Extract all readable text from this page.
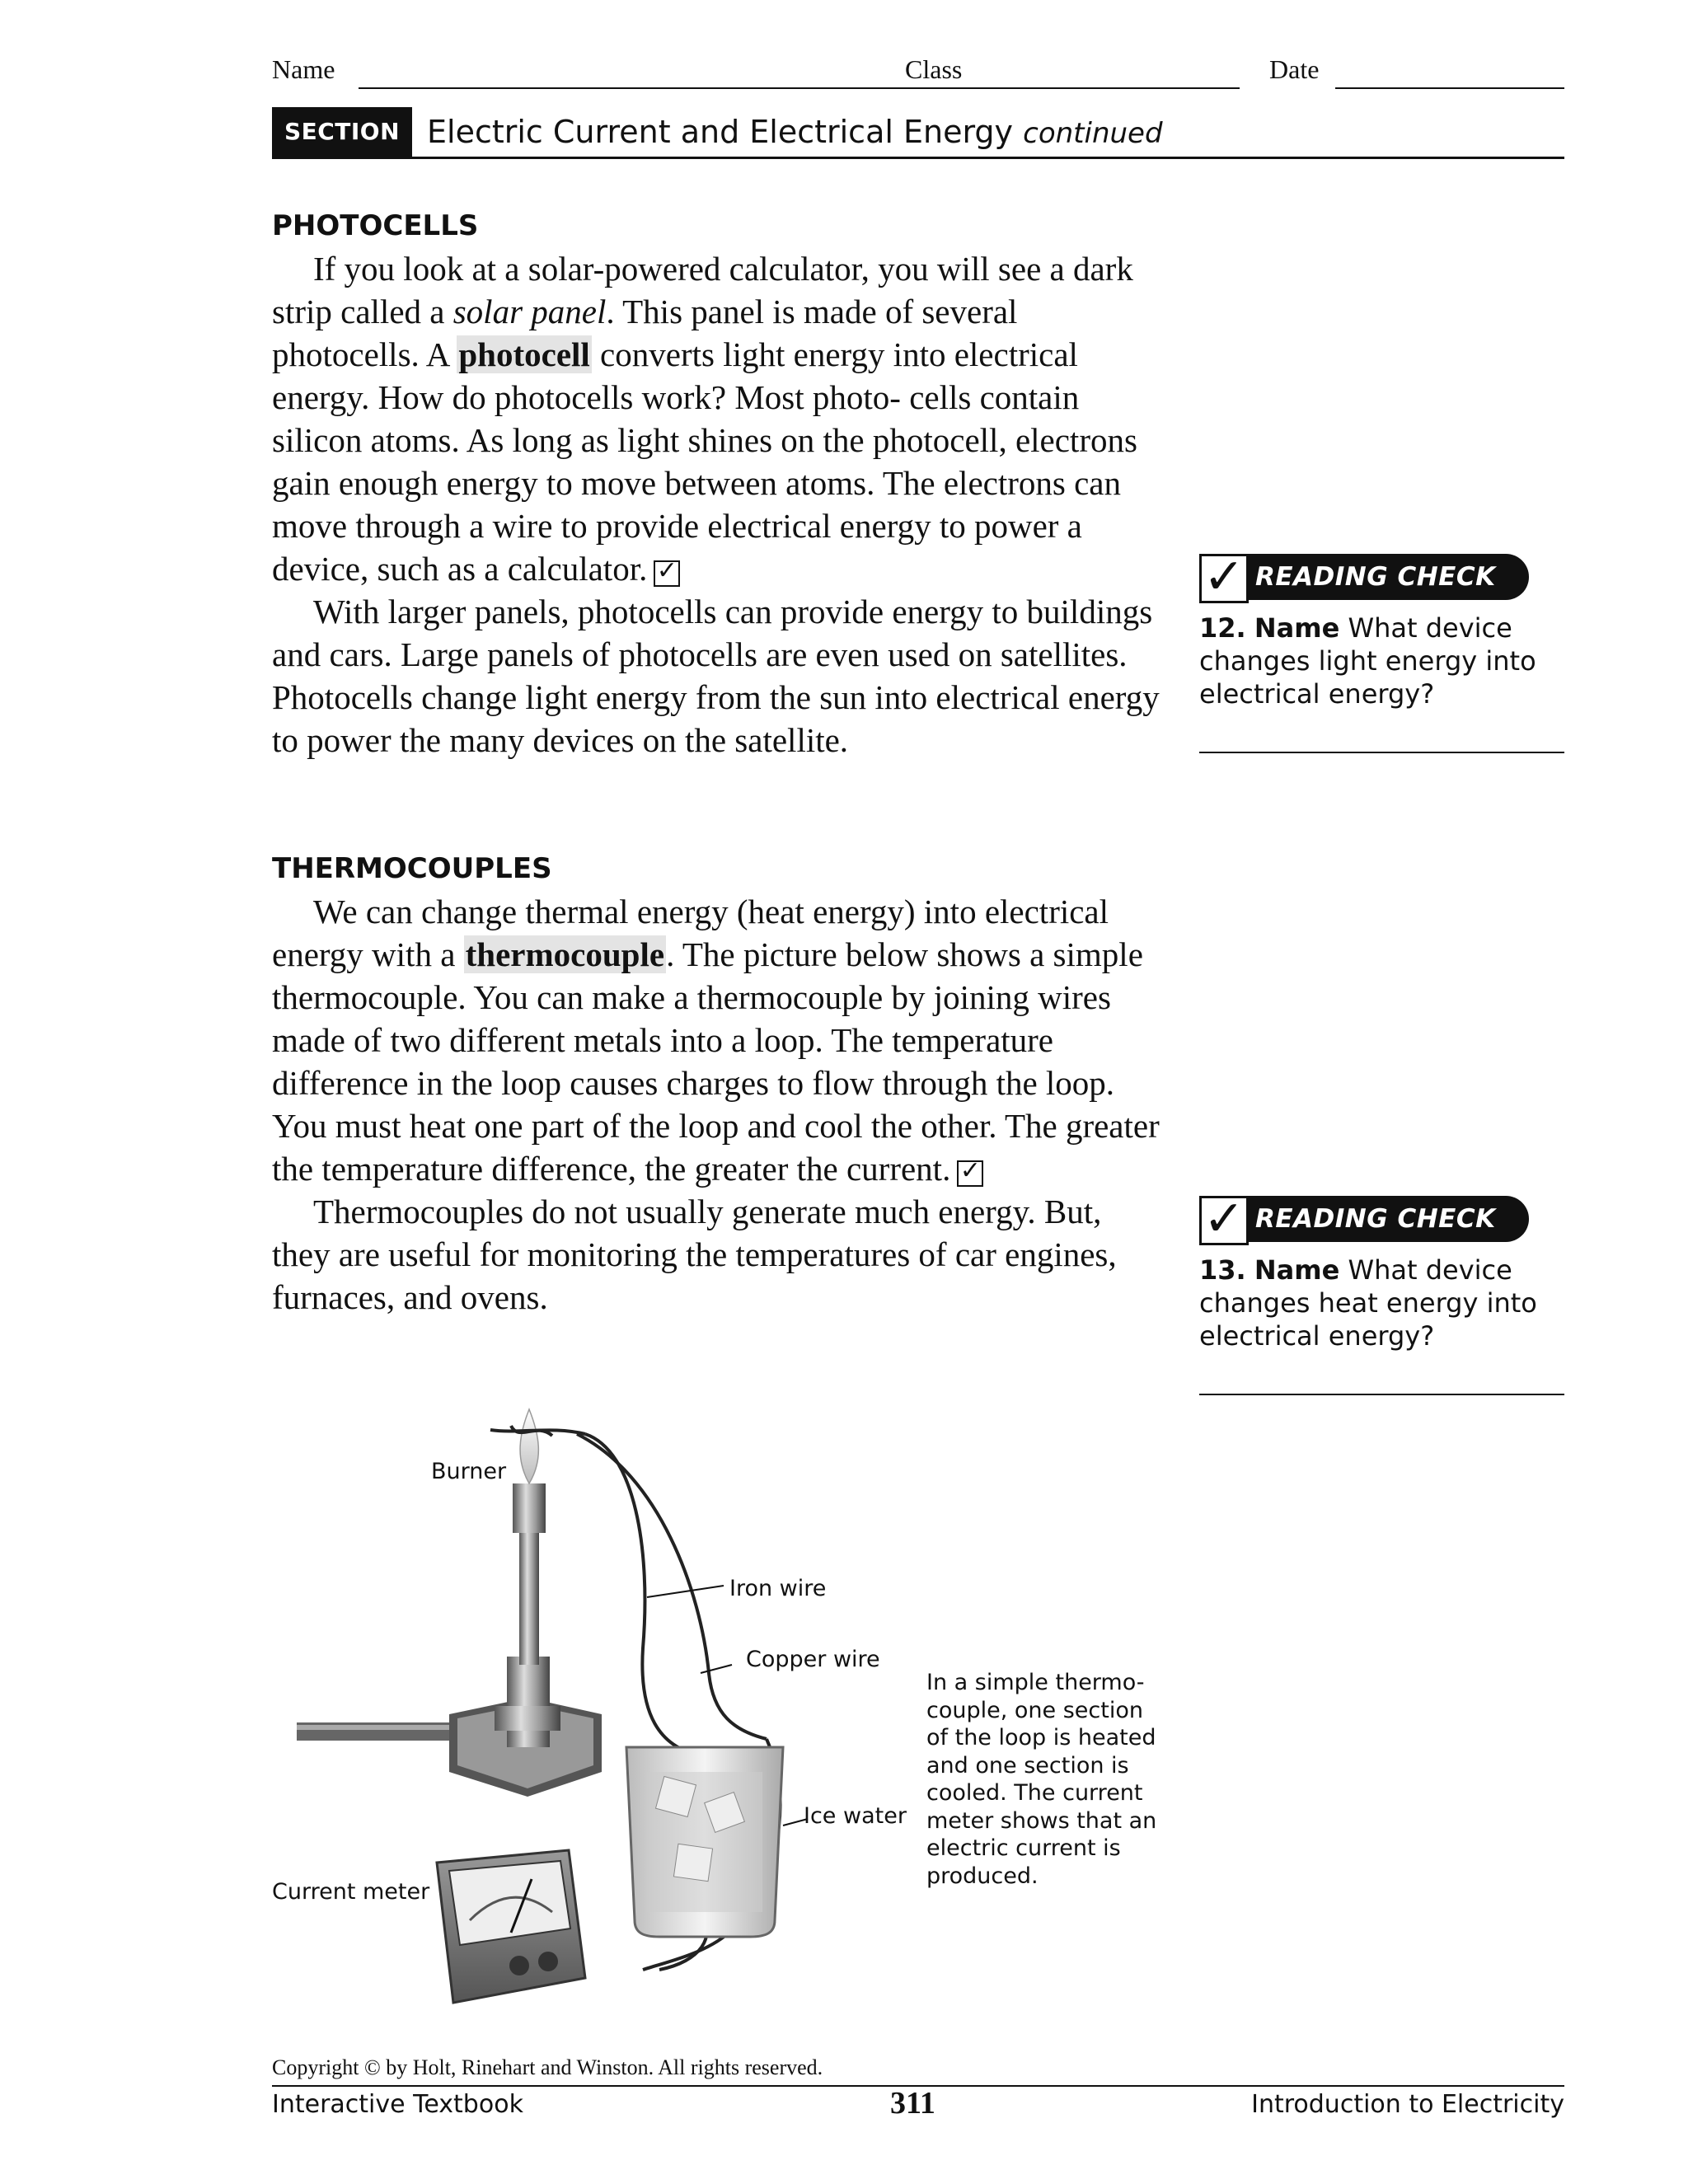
Name	Class	Date
SECTION 2
Electric Current and Electrical Energy continued
PHOTOCELLS

If you look at a solar-powered calculator, you will see a dark strip called a solar panel. This panel is made of several photocells. A photocell converts light energy into electrical energy. How do photocells work? Most photo- cells contain silicon atoms. As long as light shines on the photocell, electrons gain enough energy to move between atoms. The electrons can move through a wire to provide electrical energy to power a device, such as a calculator. ✓

With larger panels, photocells can provide energy to buildings and cars. Large panels of photocells are even used on satellites. Photocells change light energy from the sun into electrical energy to power the many devices on the satellite.

THERMOCOUPLES

We can change thermal energy (heat energy) into electrical energy with a thermocouple. The picture below shows a simple thermocouple. You can make a thermocouple by joining wires made of two different metals into a loop. The temperature difference in the loop causes charges to flow through the loop. You must heat one part of the loop and cool the other. The greater the temperature difference, the greater the current. ✓

Thermocouples do not usually generate much energy. But, they are useful for monitoring the temperatures of car engines, furnaces, and ovens.

✓ READING CHECK
12. Name What device changes light energy into electrical energy?
✓ READING CHECK
13. Name What device changes heat energy into electrical energy?
Burner
Iron wire
Copper wire
Ice water
Current meter
In a simple thermo- couple, one section of the loop is heated and one section is cooled. The current meter shows that an electric current is produced.
Copyright © by Holt, Rinehart and Winston. All rights reserved.
Interactive Textbook	311	Introduction to Electricity
